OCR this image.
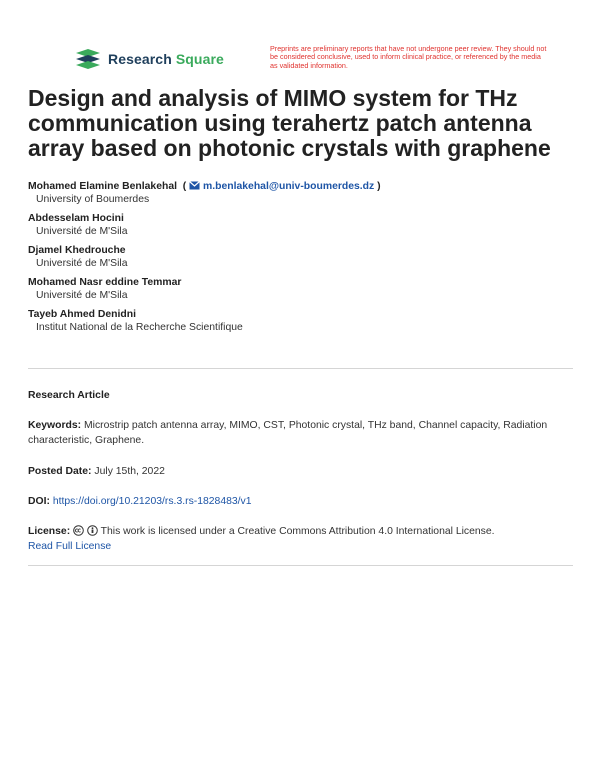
Research Square
Preprints are preliminary reports that have not undergone peer review. They should not be considered conclusive, used to inform clinical practice, or referenced by the media as validated information.
Design and analysis of MIMO system for THz communication using terahertz patch antenna array based on photonic crystals with graphene
Mohamed Elamine Benlakehal  (  m.benlakehal@univ-boumerdes.dz )
University of Boumerdes
Abdesselam Hocini
Université de M'Sila
Djamel Khedrouche
Université de M'Sila
Mohamed Nasr eddine Temmar
Université de M'Sila
Tayeb Ahmed Denidni
Institut National de la Recherche Scientifique
Research Article
Keywords: Microstrip patch antenna array, MIMO, CST, Photonic crystal, THz band, Channel capacity, Radiation characteristic, Graphene.
Posted Date: July 15th, 2022
DOI: https://doi.org/10.21203/rs.3.rs-1828483/v1
License:	This work is licensed under a Creative Commons Attribution 4.0 International License.
Read Full License
